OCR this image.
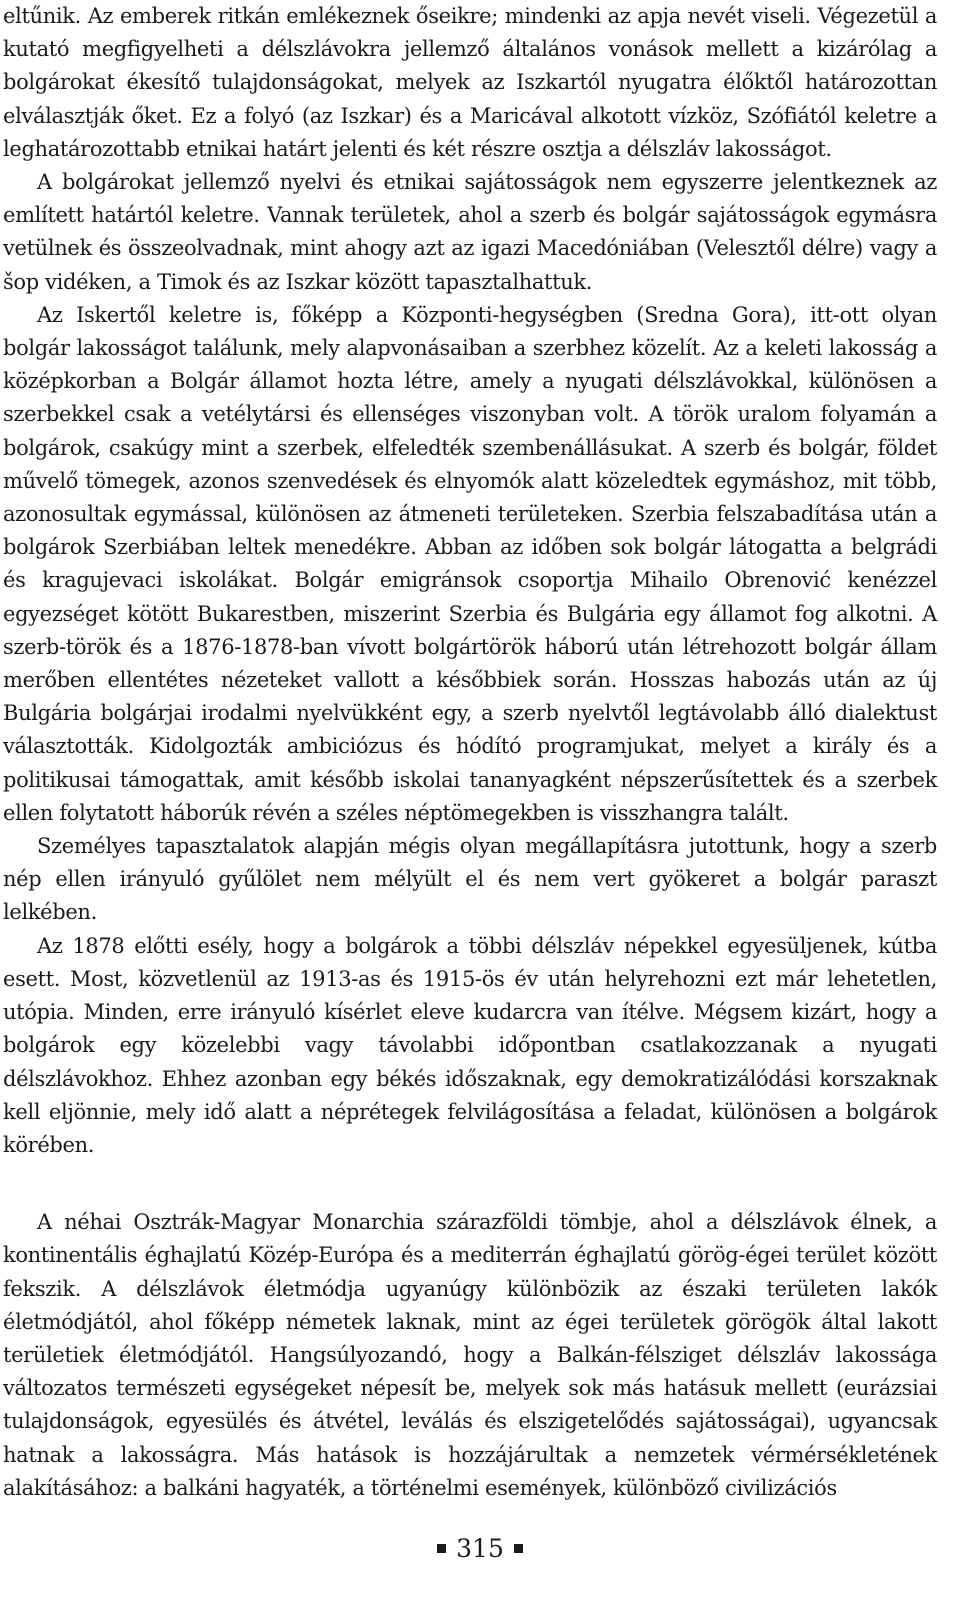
eltűnik. Az emberek ritkán emlékeznek őseikre; mindenki az apja nevét viseli. Végezetül a kutató megfigyelheti a délszlávokra jellemző általános vonások mellett a kizárólag a bolgárokat ékesítő tulajdonságokat, melyek az Iszkartól nyugatra élőktől határozottan elválasztják őket. Ez a folyó (az Iszkar) és a Maricával alkotott vízköz, Szófiától keletre a leghatározottabb etnikai határt jelenti és két részre osztja a délszláv lakosságot.

A bolgárokat jellemző nyelvi és etnikai sajátosságok nem egyszerre jelentkeznek az említett határtól keletre. Vannak területek, ahol a szerb és bolgár sajátosságok egymásra vetülnek és összeolvadnak, mint ahogy azt az igazi Macedóniában (Velesztől délre) vagy a šop vidéken, a Timok és az Iszkar között tapasztalhattuk.

Az Iskertől keletre is, főképp a Központi-hegységben (Sredna Gora), itt-ott olyan bolgár lakosságot találunk, mely alapvonásaiban a szerbhez közelít. Az a keleti lakosság a középkorban a Bolgár államot hozta létre, amely a nyugati délszlávokkal, különösen a szerbekkel csak a vetélytársi és ellenséges viszonyban volt. A török uralom folyamán a bolgárok, csakúgy mint a szerbek, elfeledték szembenállásukat. A szerb és bolgár, földet művelő tömegek, azonos szenvedések és elnyomók alatt közeledtek egymáshoz, mit több, azonosultak egymással, különösen az átmeneti területeken. Szerbia felszabadítása után a bolgárok Szerbiában leltek menedékre. Abban az időben sok bolgár látogatta a belgrádi és kragujevaci iskolákat. Bolgár emigránsok csoportja Mihailo Obrenović kenézzel egyezséget kötött Bukarestben, miszerint Szerbia és Bulgária egy államot fog alkotni. A szerb-török és a 1876-1878-ban vívott bolgártörök háború után létrehozott bolgár állam merőben ellentétes nézeteket vallott a későbbiek során. Hosszas habozás után az új Bulgária bolgárjai irodalmi nyelvükként egy, a szerb nyelvtől legtávolabb álló dialektust választották. Kidolgozták ambiciózus és hódító programjukat, melyet a király és a politikusai támogattak, amit később iskolai tananyagként népszerűsítettek és a szerbek ellen folytatott háborúk révén a széles néptömegekben is visszhangra talált.

Személyes tapasztalatok alapján mégis olyan megállapításra jutottunk, hogy a szerb nép ellen irányuló gyűlölet nem mélyült el és nem vert gyökeret a bolgár paraszt lelkében.

Az 1878 előtti esély, hogy a bolgárok a többi délszláv népekkel egyesüljenek, kútba esett. Most, közvetlenül az 1913-as és 1915-ös év után helyrehozni ezt már lehetetlen, utópia. Minden, erre irányuló kísérlet eleve kudarcra van ítélve. Mégsem kizárt, hogy a bolgárok egy közelebbi vagy távolabbi időpontban csatlakozzanak a nyugati délszlávokhoz. Ehhez azonban egy békés időszaknak, egy demokratizálódási korszaknak kell eljönnie, mely idő alatt a néprétegek felvilágosítása a feladat, különösen a bolgárok körében.

A néhai Osztrák-Magyar Monarchia szárazföldi tömbje, ahol a délszlávok élnek, a kontinentális éghajlatú Közép-Európa és a mediterrán éghajlatú görög-égei terület között fekszik. A délszlávok életmódja ugyanúgy különbözik az északi területen lakók életmódjától, ahol főképp németek laknak, mint az égei területek görögök által lakott területiek életmódjától. Hangsúlyozandó, hogy a Balkán-félsziget délszláv lakossága változatos természeti egységeket népesít be, melyek sok más hatásuk mellett (eurázsiai tulajdonságok, egyesülés és átvétel, leválás és elszigetelődés sajátosságai), ugyancsak hatnak a lakosságra. Más hatások is hozzájárultak a nemzetek vérmérsékletének alakításához: a balkáni hagyaték, a történelmi események, különböző civilizációs

315
